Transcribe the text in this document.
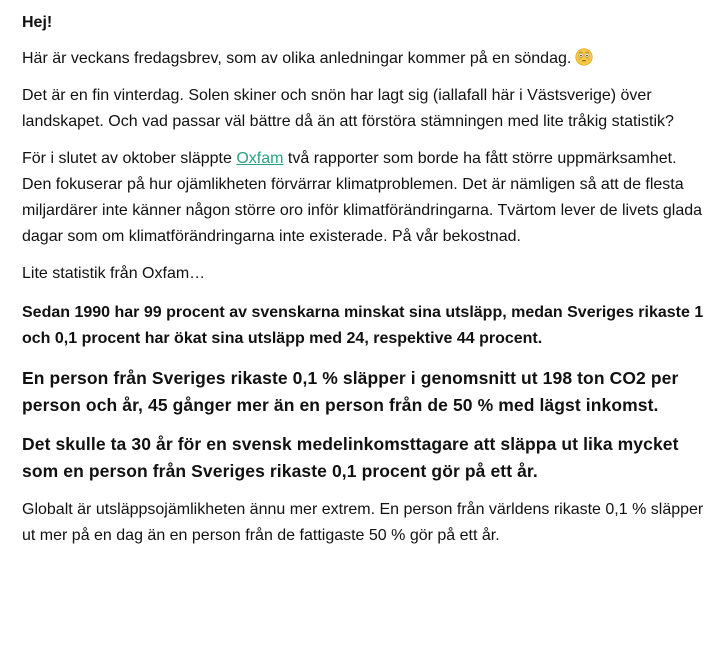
Hej!

Här är veckans fredagsbrev, som av olika anledningar kommer på en söndag.

Det är en fin vinterdag. Solen skiner och snön har lagt sig (iallafall här i Västsverige) över landskapet. Och vad passar väl bättre då än att förstöra stämningen med lite tråkig statistik?

För i slutet av oktober släppte Oxfam två rapporter som borde ha fått större uppmärksamhet. Den fokuserar på hur ojämlikheten förvärrar klimatproblemen. Det är nämligen så att de flesta miljardärer inte känner någon större oro inför klimatförändringarna. Tvärtom lever de livets glada dagar som om klimatförändringarna inte existerade. På vår bekostnad.

Lite statistik från Oxfam…

Sedan 1990 har 99 procent av svenskarna minskat sina utsläpp, medan Sveriges rikaste 1 och 0,1 procent har ökat sina utsläpp med 24, respektive 44 procent.

En person från Sveriges rikaste 0,1 % släpper i genomsnitt ut 198 ton CO2 per person och år, 45 gånger mer än en person från de 50 % med lägst inkomst.

Det skulle ta 30 år för en svensk medelinkomsttagare att släppa ut lika mycket som en person från Sveriges rikaste 0,1 procent gör på ett år.

Globalt är utsläppsojämlikheten ännu mer extrem. En person från världens rikaste 0,1 % släpper ut mer på en dag än en person från de fattigaste 50 % gör på ett år.
